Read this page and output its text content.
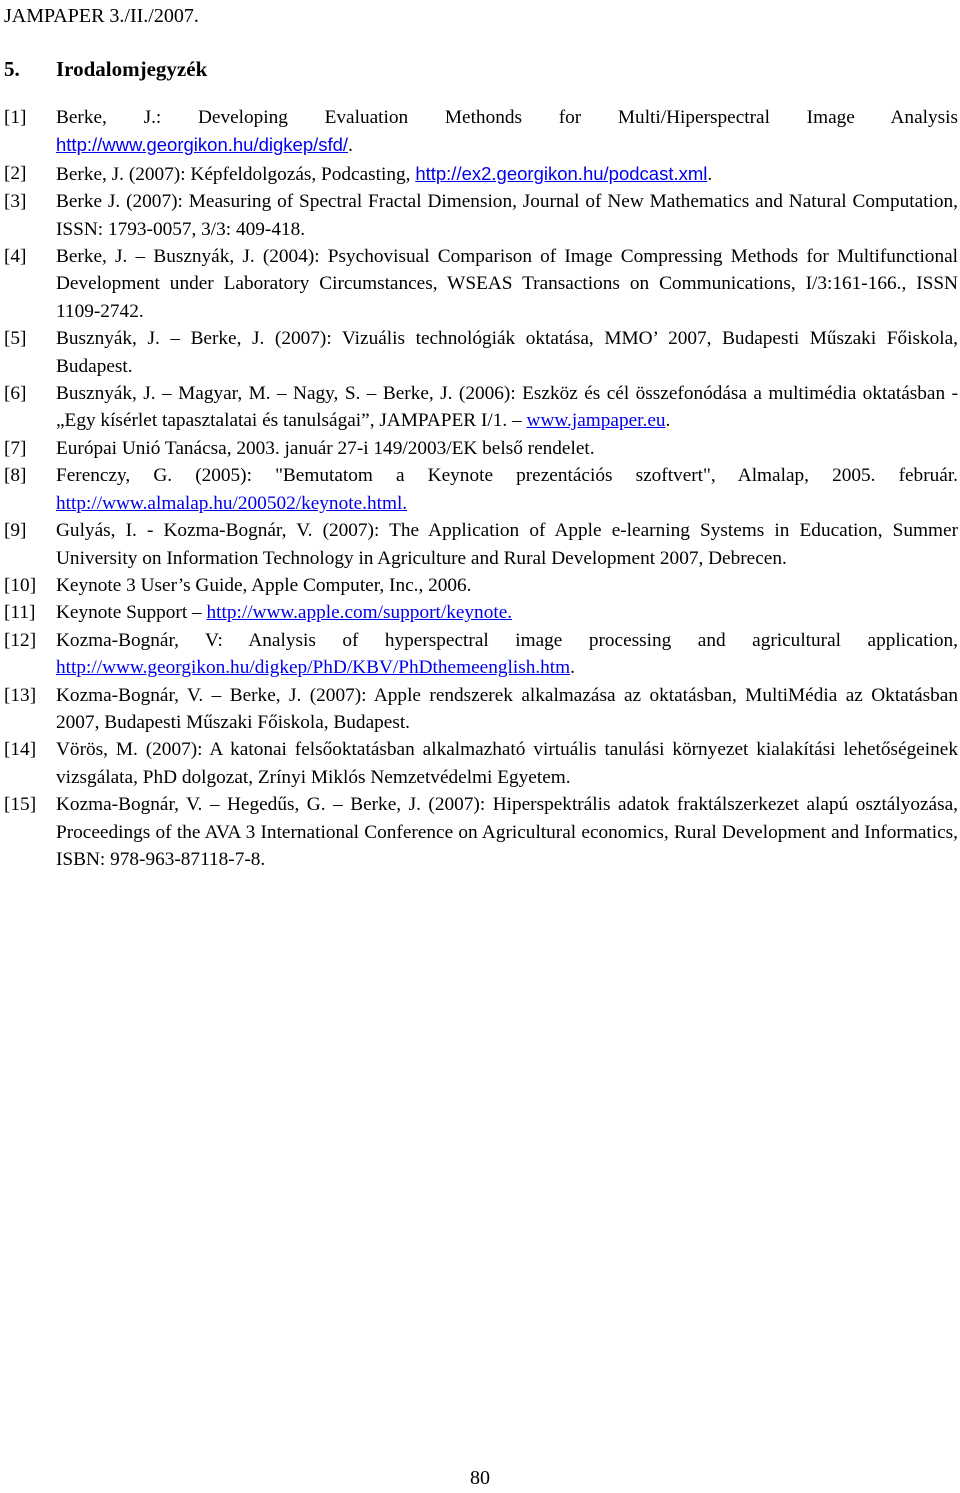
JAMPAPER 3./II./2007.
5. Irodalomjegyzék
[1] Berke, J.: Developing Evaluation Methonds for Multi/Hiperspectral Image Analysis http://www.georgikon.hu/digkep/sfd/.
[2] Berke, J. (2007): Képfeldolgozás, Podcasting, http://ex2.georgikon.hu/podcast.xml.
[3] Berke J. (2007): Measuring of Spectral Fractal Dimension, Journal of New Mathematics and Natural Computation, ISSN: 1793-0057, 3/3: 409-418.
[4] Berke, J. – Busznyák, J. (2004): Psychovisual Comparison of Image Compressing Methods for Multifunctional Development under Laboratory Circumstances, WSEAS Transactions on Communications, I/3:161-166., ISSN 1109-2742.
[5] Busznyák, J. – Berke, J. (2007): Vizuális technológiák oktatása, MMO’ 2007, Budapesti Műszaki Főiskola, Budapest.
[6] Busznyák, J. – Magyar, M. – Nagy, S. – Berke, J. (2006): Eszköz és cél összefonódása a multimédia oktatásban -„Egy kísérlet tapasztalatai és tanulságai”, JAMPAPER I/1. – www.jampaper.eu.
[7] Európai Unió Tanácsa, 2003. január 27-i 149/2003/EK belső rendelet.
[8] Ferenczy, G. (2005): "Bemutatom a Keynote prezentációs szoftvert", Almalap, 2005. február. http://www.almalap.hu/200502/keynote.html.
[9] Gulyás, I. - Kozma-Bognár, V. (2007): The Application of Apple e-learning Systems in Education, Summer University on Information Technology in Agriculture and Rural Development 2007, Debrecen.
[10] Keynote 3 User’s Guide, Apple Computer, Inc., 2006.
[11] Keynote Support – http://www.apple.com/support/keynote.
[12] Kozma-Bognár, V: Analysis of hyperspectral image processing and agricultural application, http://www.georgikon.hu/digkep/PhD/KBV/PhDthemeenglish.htm.
[13] Kozma-Bognár, V. – Berke, J. (2007): Apple rendszerek alkalmazása az oktatásban, MultiMédia az Oktatásban 2007, Budapesti Műszaki Főiskola, Budapest.
[14] Vörös, M. (2007): A katonai felsőoktatásban alkalmazható virtuális tanulási környezet kialakítási lehetőségeinek vizsgálata, PhD dolgozat, Zrínyi Miklós Nemzetvédelmi Egyetem.
[15] Kozma-Bognár, V. – Hegedűs, G. – Berke, J. (2007): Hiperspektrális adatok fraktálszerkezet alapú osztályozása, Proceedings of the AVA 3 International Conference on Agricultural economics, Rural Development and Informatics, ISBN: 978-963-87118-7-8.
80
